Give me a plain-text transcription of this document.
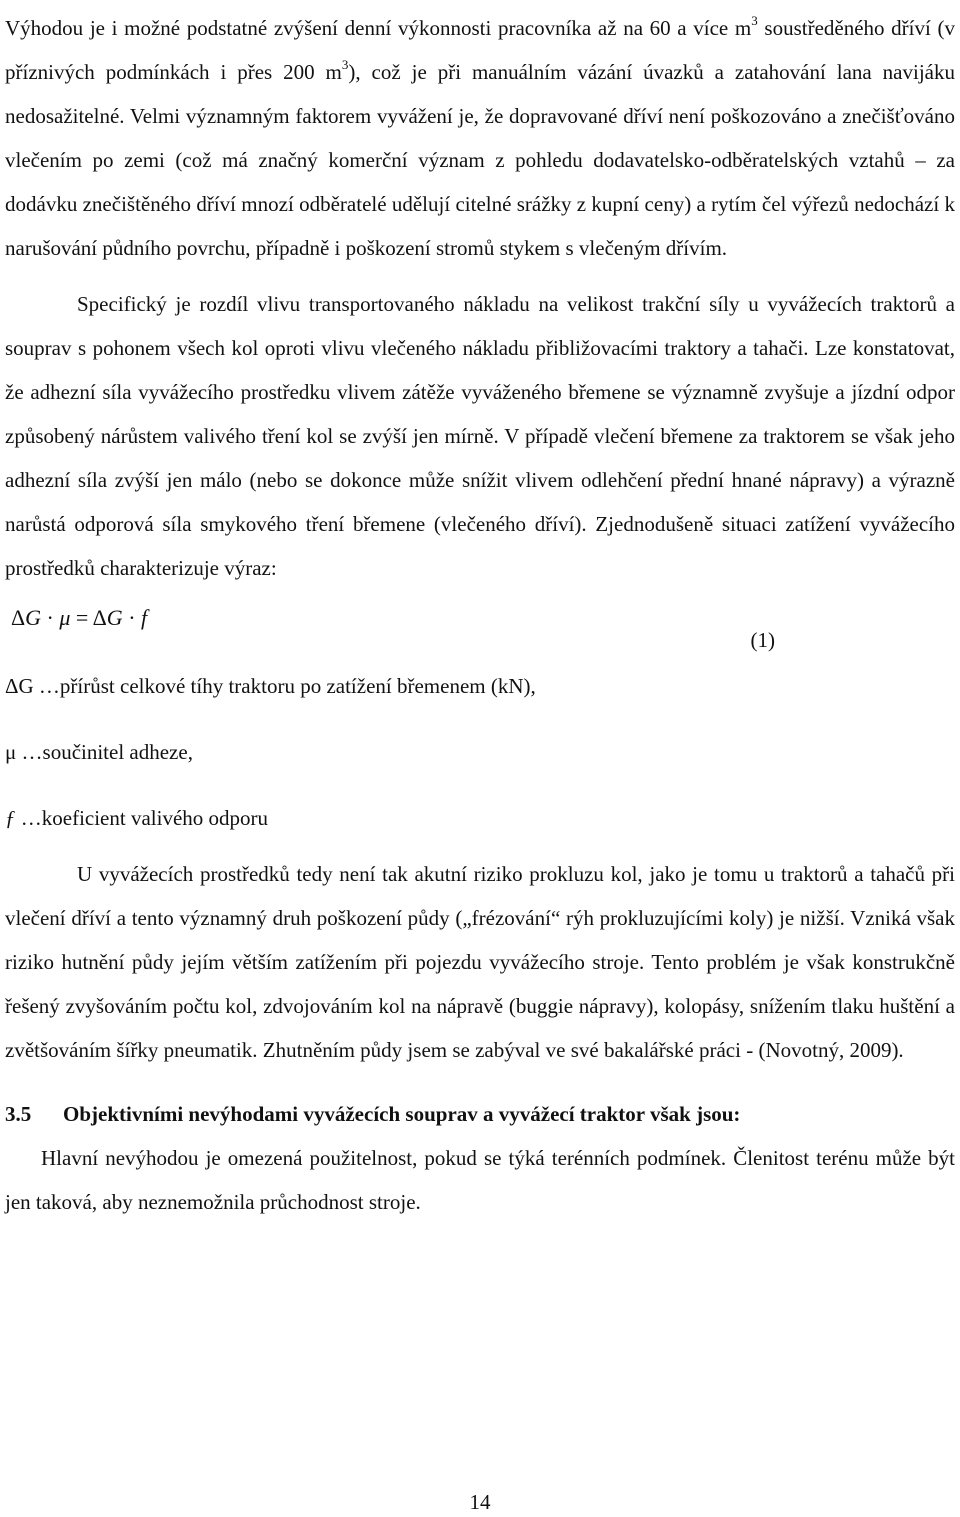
Výhodou je i možné podstatné zvýšení denní výkonnosti pracovníka až na 60 a více $m^3$ soustředěného dříví (v příznivých podmínkách i přes 200 $m^3$), což je při manuálním vázání úvazků a zatahování lana navijáku nedosažitelné. Velmi významným faktorem vyvážení je, že dopravované dříví není poškozováno a znečišťováno vlečením po zemi (což má značný komerční význam z pohledu dodavatelsko-odběratelských vztahů – za dodávku znečištěného dříví mnozí odběratelé udělují citelné srážky z kupní ceny) a rytím čel výřezů nedochází k narušování půdního povrchu, případně i poškození stromů stykem s vlečeným dřívím.

Specifický je rozdíl vlivu transportovaného nákladu na velikost trakční síly u vyvážecích traktorů a souprav s pohonem všech kol oproti vlivu vlečeného nákladu přibližovacími traktory a tahači. Lze konstatovat, že adhezní síla vyvážecího prostředku vlivem zátěže vyváženého břemene se významně zvyšuje a jízdní odpor způsobený nárůstem valivého tření kol se zvýší jen mírně. V případě vlečení břemene za traktorem se však jeho adhezní síla zvýší jen málo (nebo se dokonce může snížit vlivem odlehčení přední hnané nápravy) a výrazně narůstá odporová síla smykového tření břemene (vlečeného dříví). Zjednodušeně situaci zatížení vyvážecího prostředků charakterizuje výraz:

ΔG · μ = ΔG · f
(1)

ΔG …přírůst celkové tíhy traktoru po zatížení břemenem (kN),

μ …součinitel adheze,

ƒ …koeficient valivého odporu

U vyvážecích prostředků tedy není tak akutní riziko prokluzu kol, jako je tomu u traktorů a tahačů při vlečení dříví a tento významný druh poškození půdy („frézování“ rýh prokluzujícími koly) je nižší. Vzniká však riziko hutnění půdy jejím větším zatížením při pojezdu vyvážecího stroje. Tento problém je však konstrukčně řešený zvyšováním počtu kol, zdvojováním kol na nápravě (buggie nápravy), kolopásy, snížením tlaku huštění a zvětšováním šířky pneumatik. Zhutněním půdy jsem se zabýval ve své bakalářské práci - (Novotný, 2009).

3.5 Objektivními nevýhodami vyvážecích souprav a vyvážecí traktor však jsou:

Hlavní nevýhodou je omezená použitelnost, pokud se týká terénních podmínek. Členitost terénu může být jen taková, aby neznemožnila průchodnost stroje.

14
